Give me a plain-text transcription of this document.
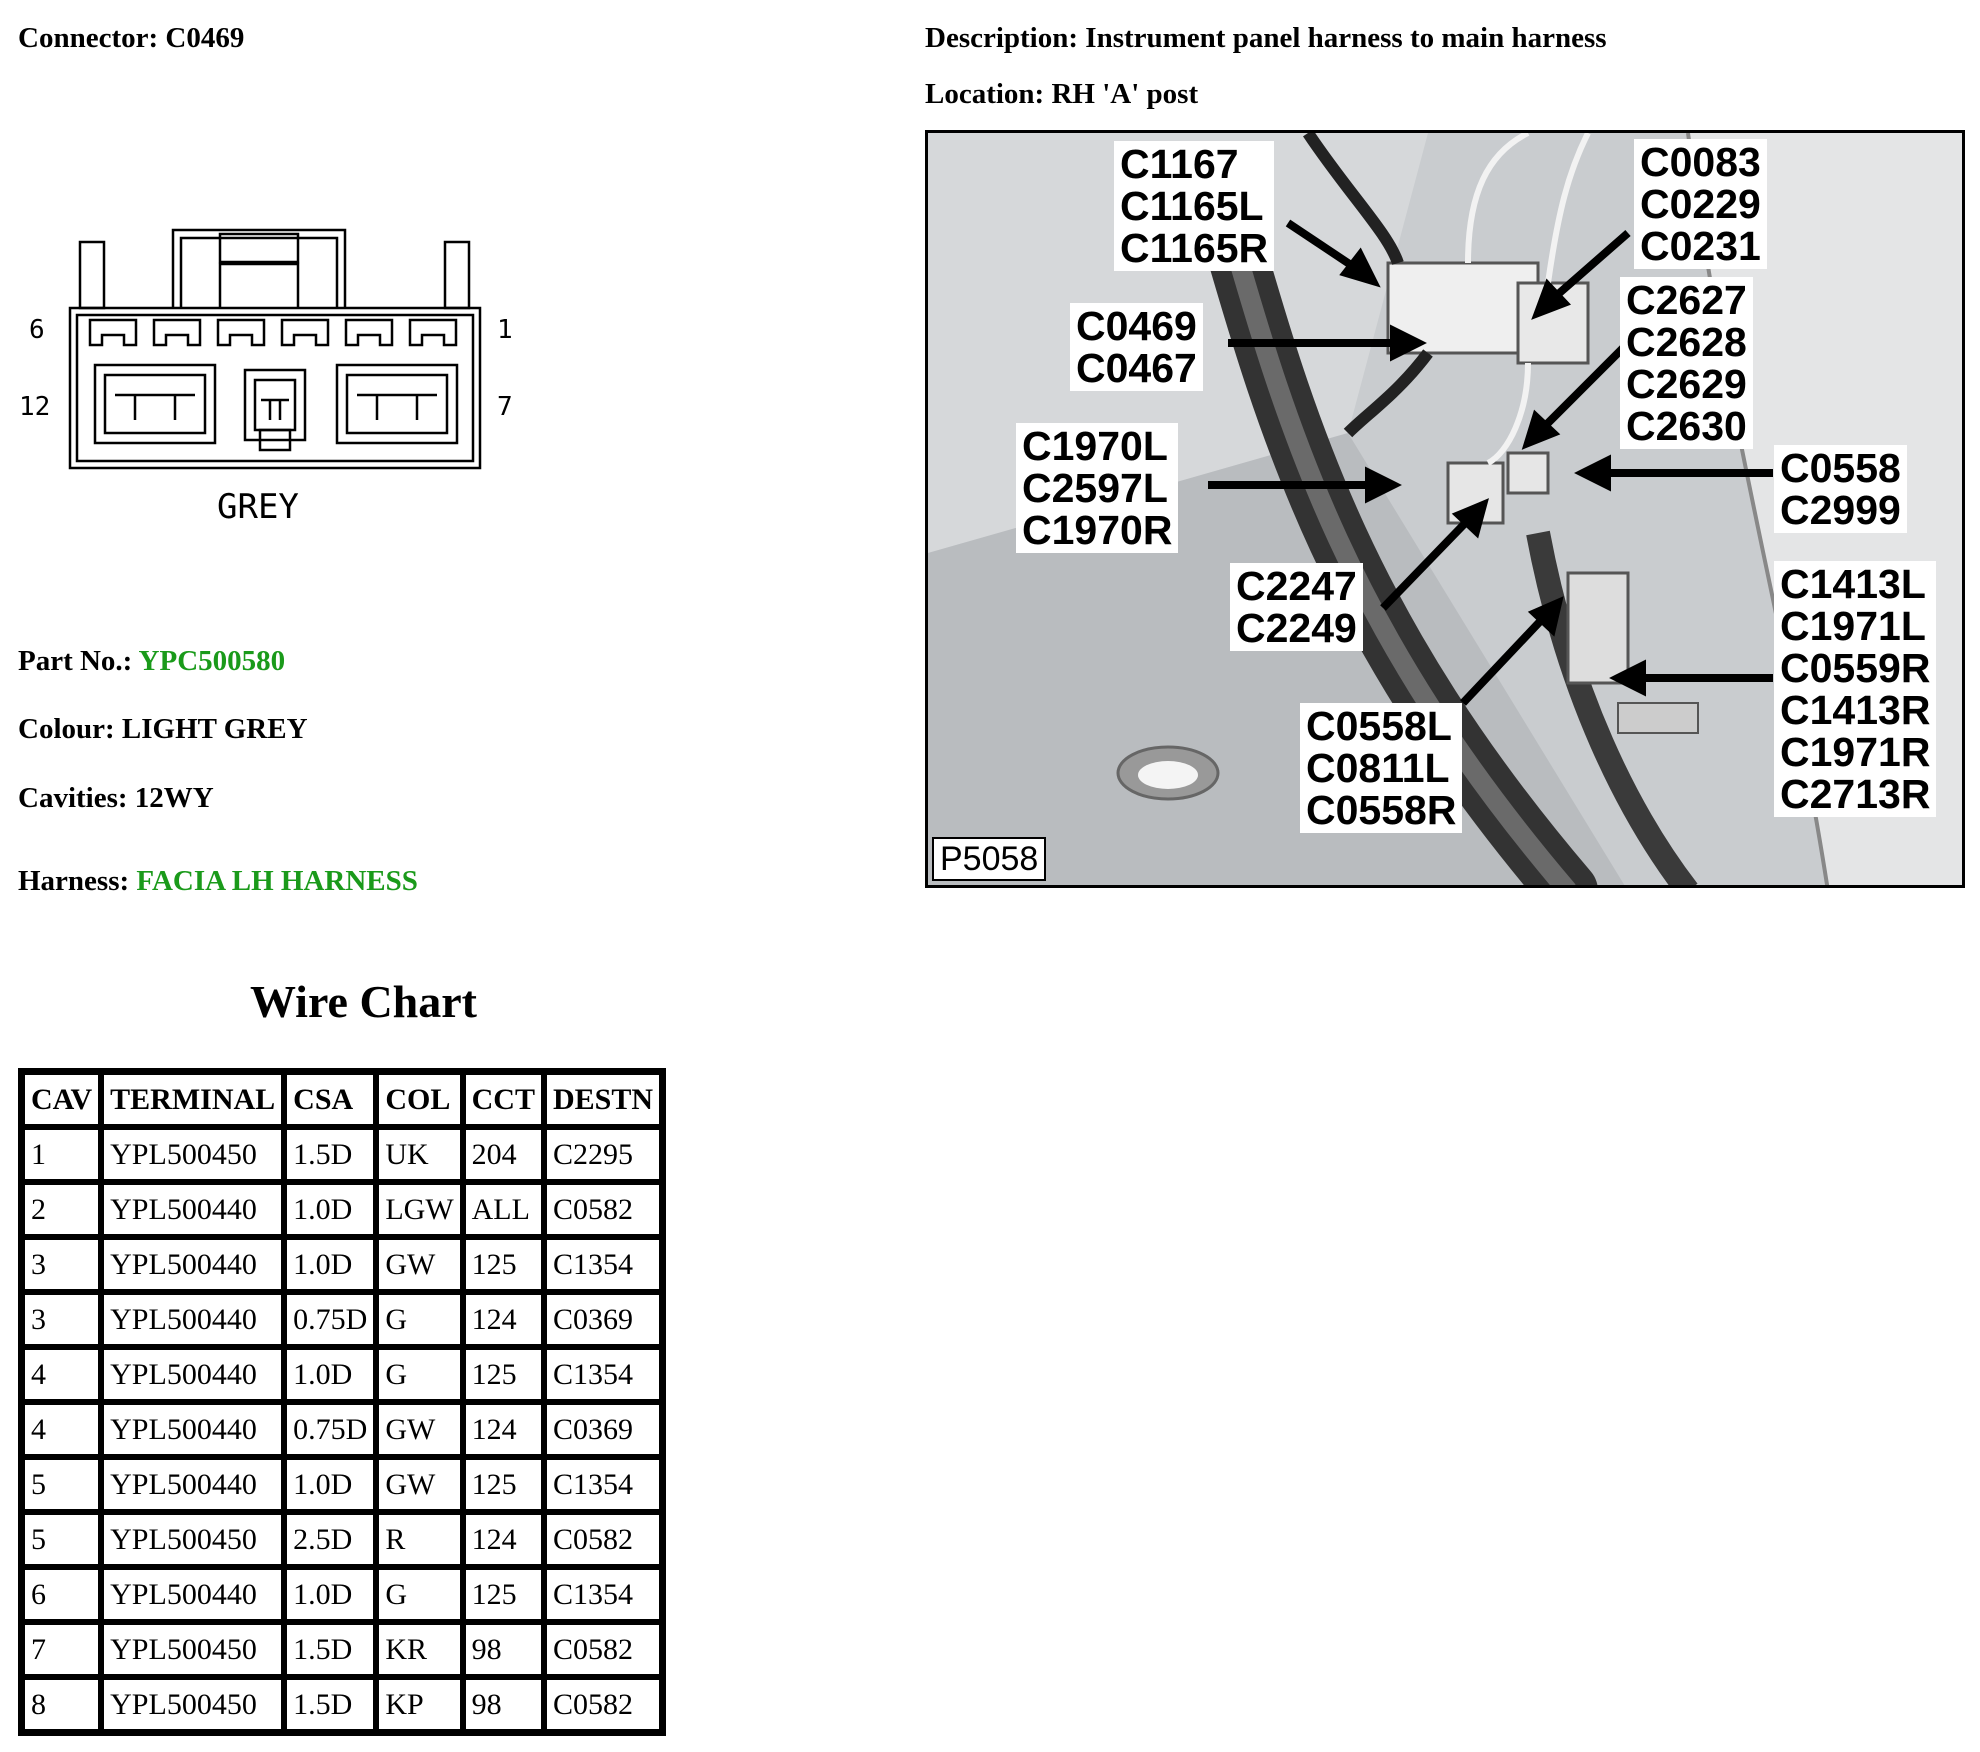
Connector: C0469	Description: Instrument panel harness to main harness
Location: RH 'A' post
6	1
12	7
GREY
Part No.: YPC500580
Colour: LIGHT GREY
Cavities: 12WY
Harness: FACIA LH HARNESS
C1167
C1165L
C1165R
C0083
C0229
C0231
C0469
C0467
C2627
C2628
C2629
C2630
C1970L
C2597L
C1970R
C0558
C2999
C2247
C2249
C1413L
C1971L
C0559R
C1413R
C1971R
C2713R
C0558L
C0811L
C0558R
P5058
Wire Chart
CAV	TERMINAL	CSA	COL	CCT	DESTN
1	YPL500450	1.5D	UK	204	C2295
2	YPL500440	1.0D	LGW	ALL	C0582
3	YPL500440	1.0D	GW	125	C1354
3	YPL500440	0.75D	G	124	C0369
4	YPL500440	1.0D	G	125	C1354
4	YPL500440	0.75D	GW	124	C0369
5	YPL500440	1.0D	GW	125	C1354
5	YPL500450	2.5D	R	124	C0582
6	YPL500440	1.0D	G	125	C1354
7	YPL500450	1.5D	KR	98	C0582
8	YPL500450	1.5D	KP	98	C0582
